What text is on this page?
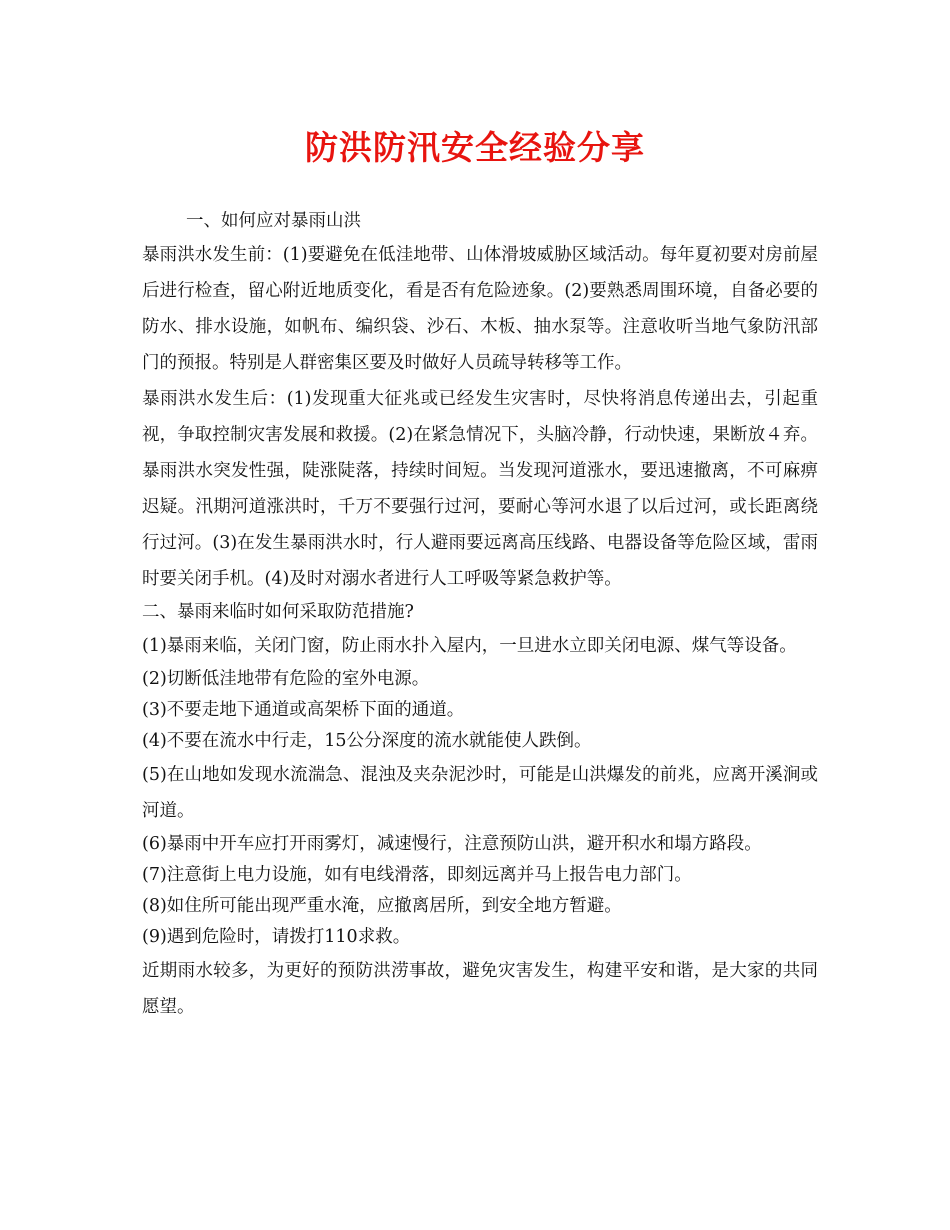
防洪防汛安全经验分享

一、如何应对暴雨山洪

暴雨洪水发生前：(1)要避免在低洼地带、山体滑坡威胁区域活动。每年夏初要对房前屋后进行检查，留心附近地质变化，看是否有危险迹象。(2)要熟悉周围环境，自备必要的防水、排水设施，如帆布、编织袋、沙石、木板、抽水泵等。注意收听当地气象防汛部门的预报。特别是人群密集区要及时做好人员疏导转移等工作。

暴雨洪水发生后：(1)发现重大征兆或已经发生灾害时，尽快将消息传递出去，引起重视，争取控制灾害发展和救援。(2)在紧急情况下，头脑冷静，行动快速，果断放４弃。暴雨洪水突发性强，陡涨陡落，持续时间短。当发现河道涨水，要迅速撤离，不可麻痹迟疑。汛期河道涨洪时，千万不要强行过河，要耐心等河水退了以后过河，或长距离绕行过河。(3)在发生暴雨洪水时，行人避雨要远离高压线路、电器设备等危险区域，雷雨时要关闭手机。(4)及时对溺水者进行人工呼吸等紧急救护等。

二、暴雨来临时如何采取防范措施?

(1)暴雨来临，关闭门窗，防止雨水扑入屋内，一旦进水立即关闭电源、煤气等设备。

(2)切断低洼地带有危险的室外电源。

(3)不要走地下通道或高架桥下面的通道。

(4)不要在流水中行走，15公分深度的流水就能使人跌倒。

(5)在山地如发现水流湍急、混浊及夹杂泥沙时，可能是山洪爆发的前兆，应离开溪涧或河道。

(6)暴雨中开车应打开雨雾灯，减速慢行，注意预防山洪，避开积水和塌方路段。

(7)注意街上电力设施，如有电线滑落，即刻远离并马上报告电力部门。

(8)如住所可能出现严重水淹，应撤离居所，到安全地方暂避。

(9)遇到危险时，请拨打110求救。

近期雨水较多，为更好的预防洪涝事故，避免灾害发生，构建平安和谐，是大家的共同愿望。
